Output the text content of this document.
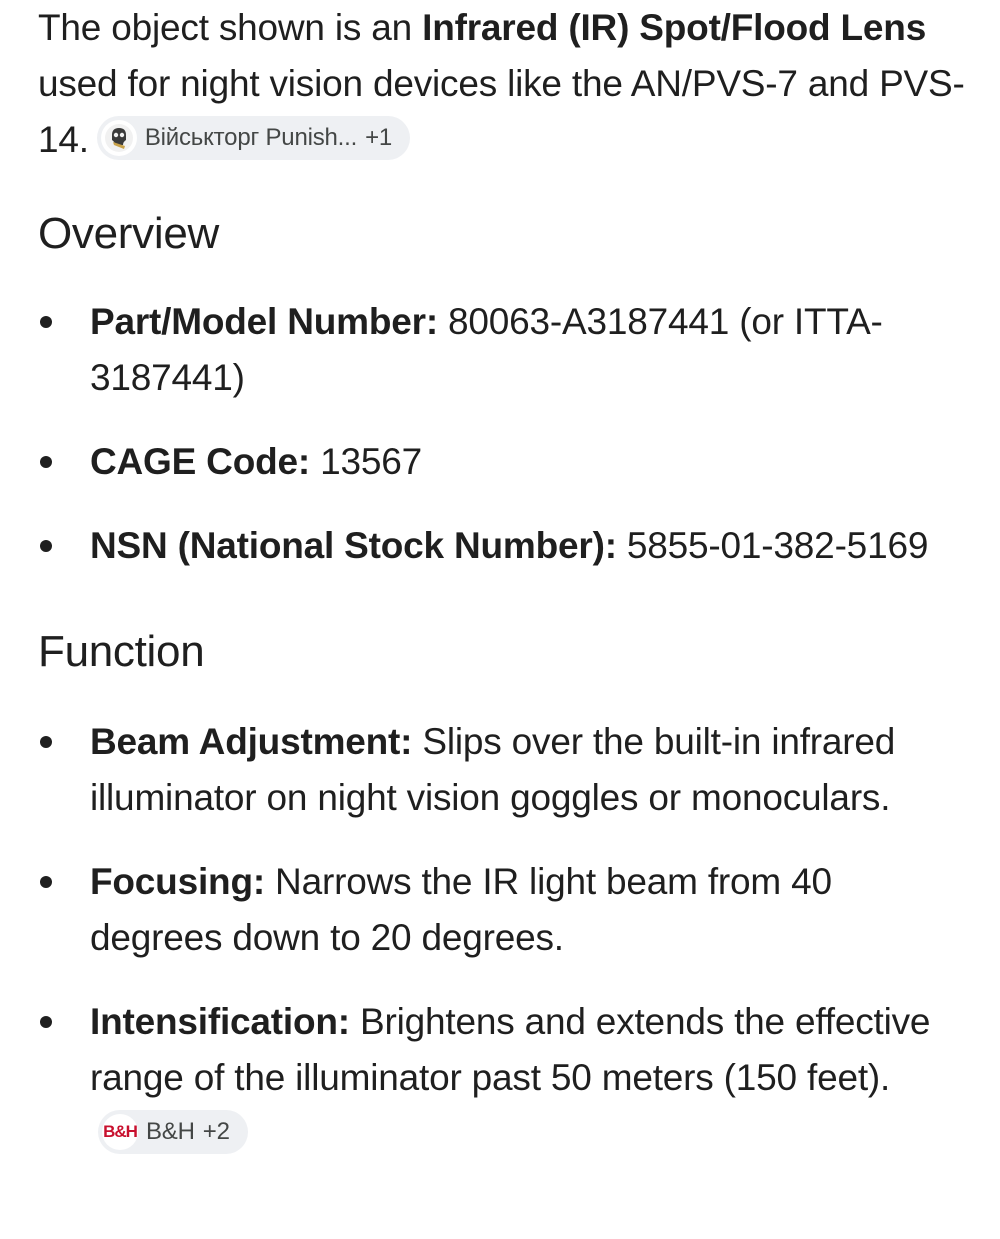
The object shown is an Infrared (IR) Spot/Flood Lens used for night vision devices like the AN/PVS-7 and PVS-14. Військторг Punish... +1

Overview
Part/Model Number: 80063-A3187441 (or ITTA-3187441)
CAGE Code: 13567
NSN (National Stock Number): 5855-01-382-5169
Function
Beam Adjustment: Slips over the built-in infrared illuminator on night vision goggles or monoculars.
Focusing: Narrows the IR light beam from 40 degrees down to 20 degrees.
Intensification: Brightens and extends the effective range of the illuminator past 50 meters (150 feet).
B&H B&H +2
